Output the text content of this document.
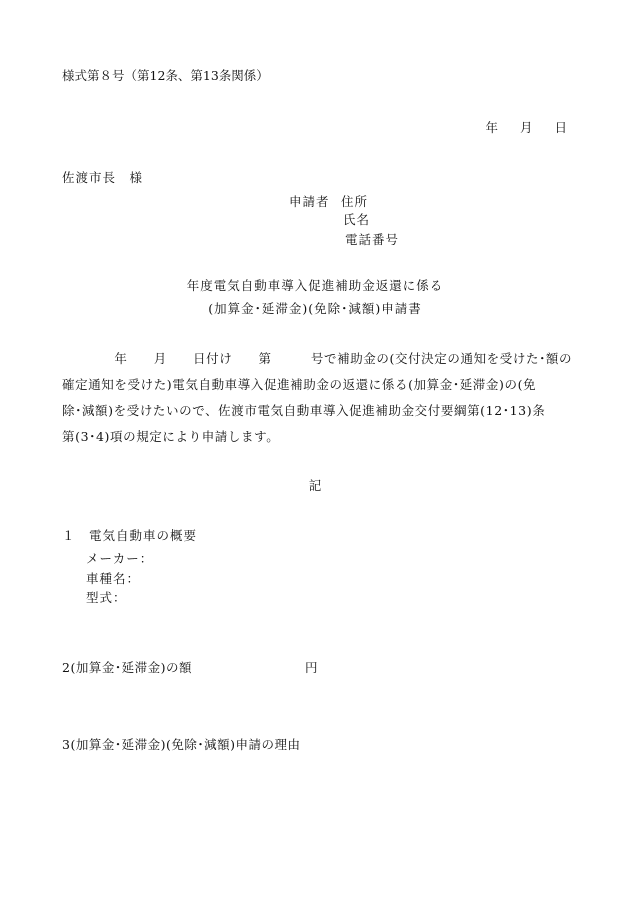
様式第８号（第12条、第13条関係）
年 月 日
佐渡市長　様
申請者 住所
氏名
電話番号
年度電気自動車導入促進補助金返還に係る
(加算金･延滞金)(免除･減額)申請書
　　　　年　　月　　日付け　　第　　　号で補助金の(交付決定の通知を受けた･額の
確定通知を受けた)電気自動車導入促進補助金の返還に係る(加算金･延滞金)の(免
除･減額)を受けたいので、佐渡市電気自動車導入促進補助金交付要綱第(12･13)条
第(3･4)項の規定により申請します。
記
１　電気自動車の概要
メーカー：
車種名：
型式：
2(加算金･延滞金)の額	円
3(加算金･延滞金)(免除･減額)申請の理由
